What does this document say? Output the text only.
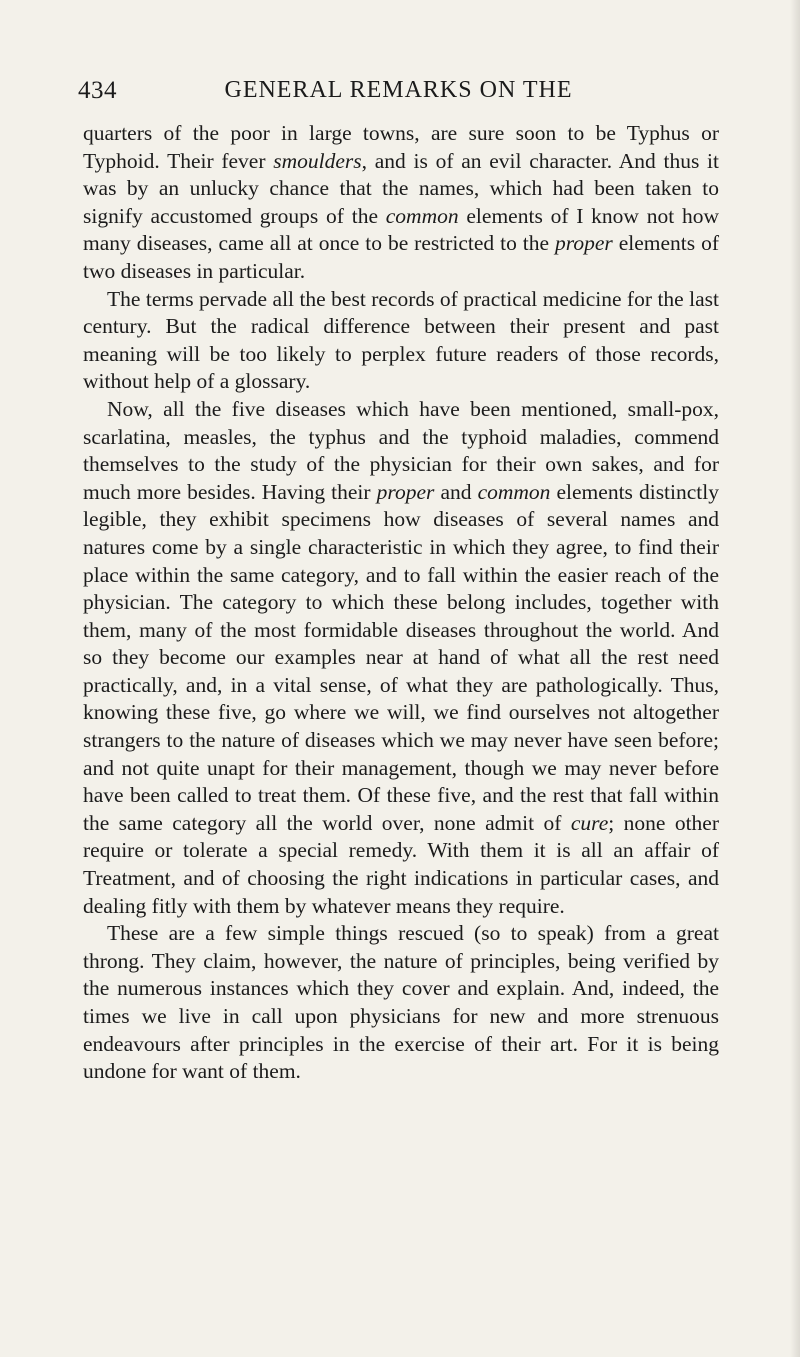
434	GENERAL REMARKS ON THE

quarters of the poor in large towns, are sure soon to be Typhus or Typhoid. Their fever smoulders, and is of an evil character. And thus it was by an unlucky chance that the names, which had been taken to signify accustomed groups of the common elements of I know not how many diseases, came all at once to be restricted to the proper elements of two diseases in particular.

The terms pervade all the best records of practical medicine for the last century. But the radical difference between their present and past meaning will be too likely to perplex future readers of those records, without help of a glossary.

Now, all the five diseases which have been mentioned, small-pox, scarlatina, measles, the typhus and the typhoid maladies, commend themselves to the study of the physician for their own sakes, and for much more besides. Having their proper and common elements distinctly legible, they exhibit specimens how diseases of several names and natures come by a single characteristic in which they agree, to find their place within the same category, and to fall within the easier reach of the physician. The category to which these belong includes, together with them, many of the most formidable diseases throughout the world. And so they become our examples near at hand of what all the rest need practically, and, in a vital sense, of what they are pathologically. Thus, knowing these five, go where we will, we find ourselves not altogether strangers to the nature of diseases which we may never have seen before; and not quite unapt for their management, though we may never before have been called to treat them. Of these five, and the rest that fall within the same category all the world over, none admit of cure; none other require or tolerate a special remedy. With them it is all an affair of Treatment, and of choosing the right indications in particular cases, and dealing fitly with them by whatever means they require.

These are a few simple things rescued (so to speak) from a great throng. They claim, however, the nature of principles, being verified by the numerous instances which they cover and explain. And, indeed, the times we live in call upon physicians for new and more strenuous endeavours after principles in the exercise of their art. For it is being undone for want of them.
